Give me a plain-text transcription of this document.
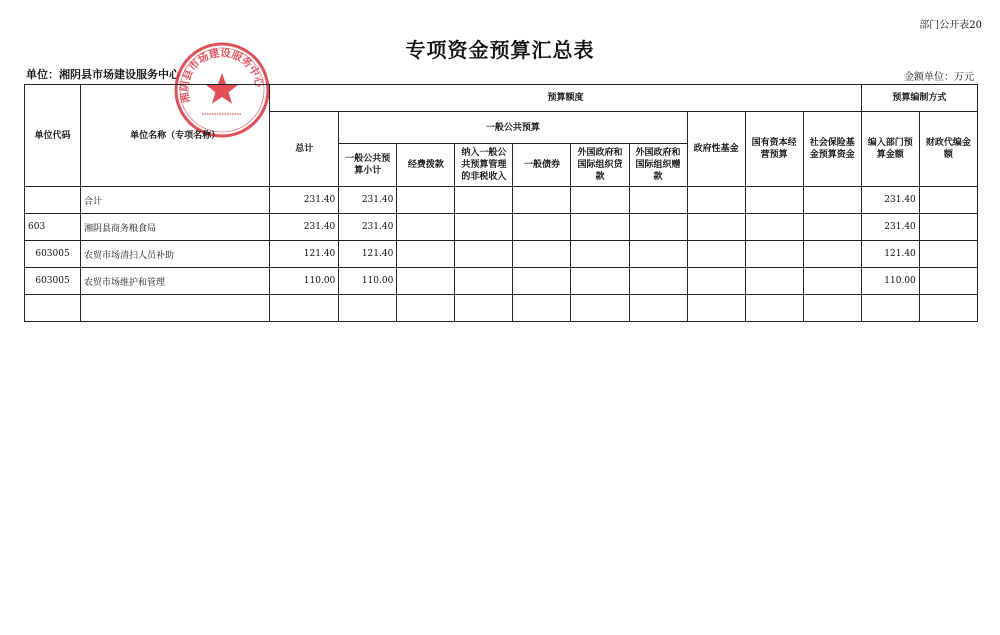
部门公开表20
专项资金预算汇总表
单位：湘阴县市场建设服务中心	金额单位：万元
湘阴县市场建设服务中心
单位代码	单位名称（专项名称）	预算额度										预算编制方式	
		总计	一般公共预算						政府性基金	国有资本经营预算	社会保险基金预算资金	编入部门预算金额	财政代编金额
			一般公共预算小计	经费拨款	纳入一般公共预算管理的非税收入	一般债券	外国政府和国际组织贷款	外国政府和国际组织赠款					
	合计	231.40	231.40									231.40	
603	湘阴县商务粮食局	231.40	231.40									231.40	
603005	农贸市场清扫人员补助	121.40	121.40									121.40	
603005	农贸市场维护和管理	110.00	110.00									110.00	
